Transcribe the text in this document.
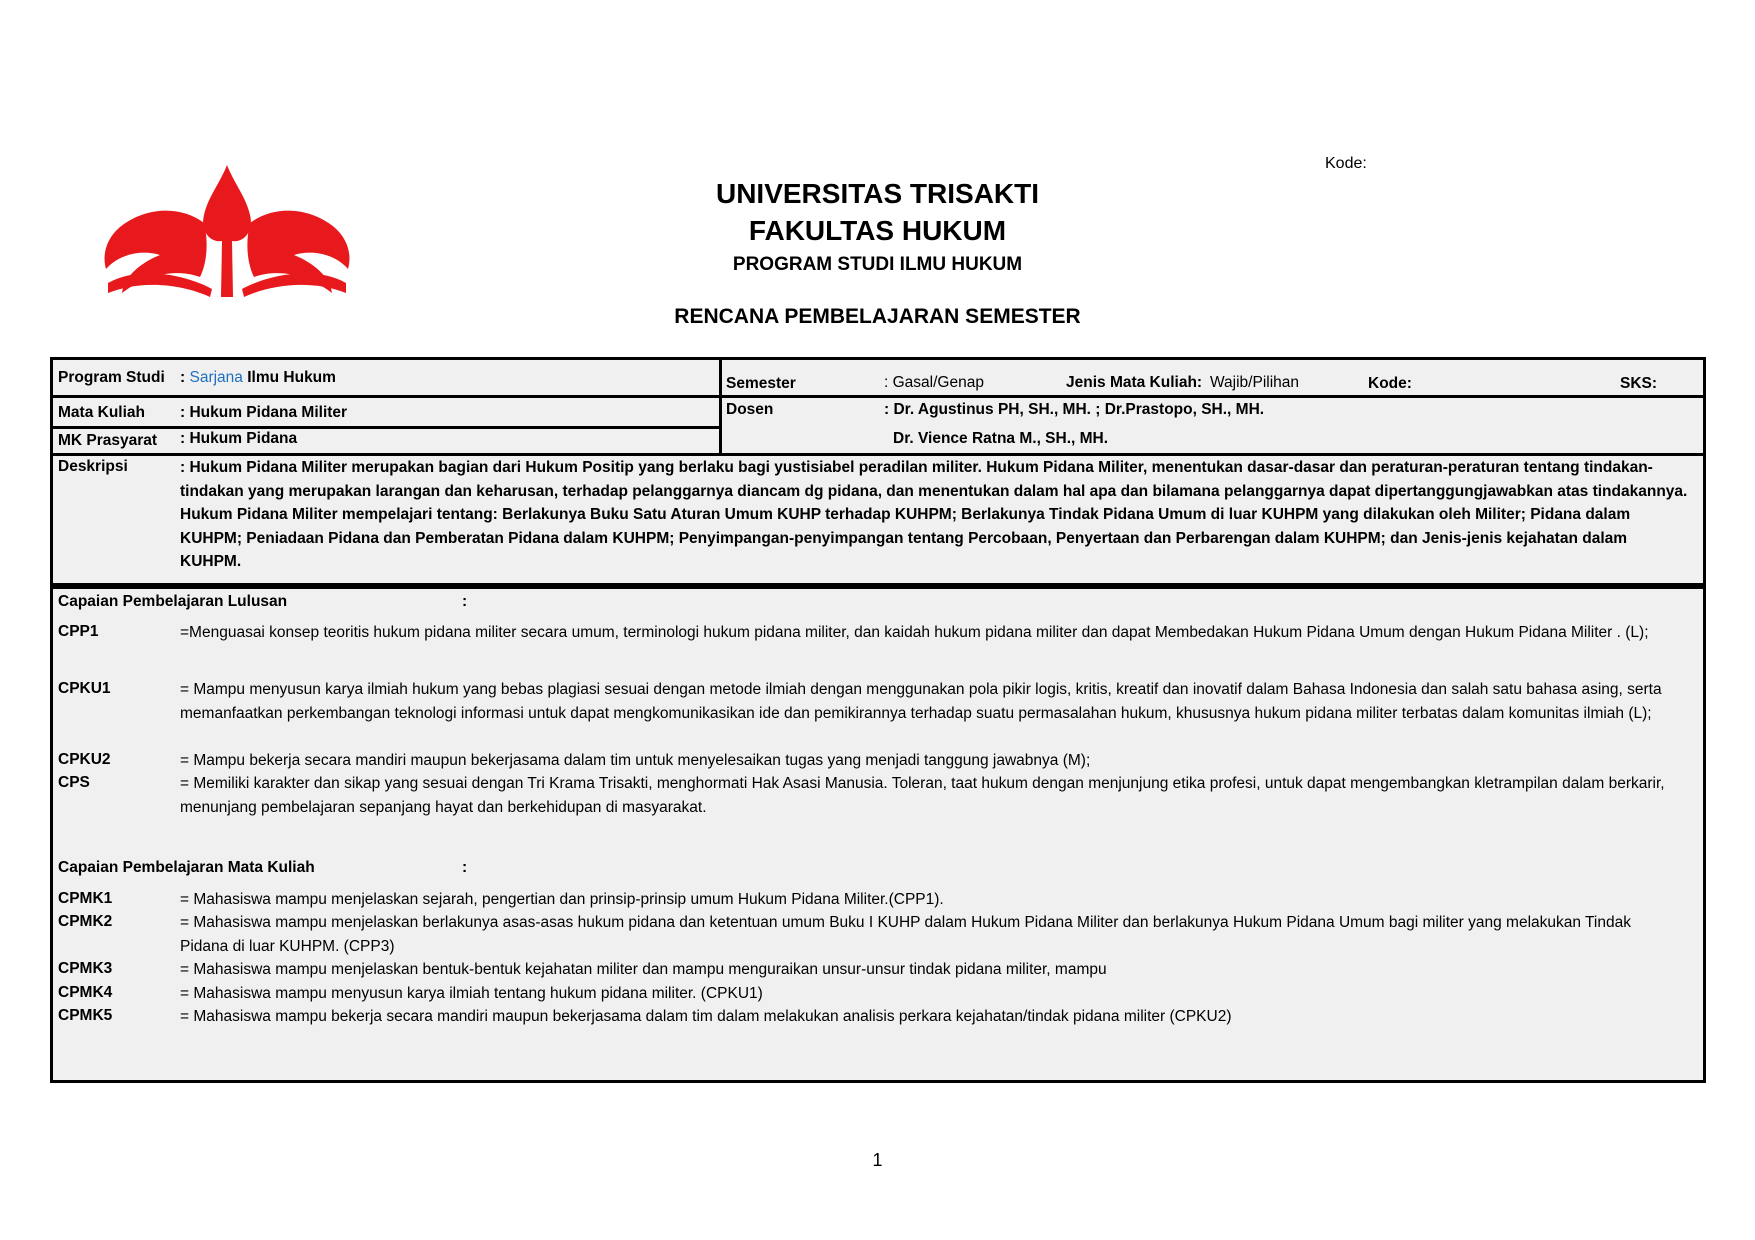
Kode:
UNIVERSITAS TRISAKTI
FAKULTAS HUKUM
PROGRAM STUDI ILMU HUKUM
RENCANA PEMBELAJARAN SEMESTER
Program Studi : Sarjana Ilmu Hukum	Semester	: Gasal/Genap	Jenis Mata Kuliah: Wajib/Pilihan	Kode:	SKS:
Mata Kuliah : Hukum Pidana Militer	Dosen	: Dr. Agustinus PH, SH., MH. ; Dr.Prastopo, SH., MH.
Dr. Vience Ratna M., SH., MH.
MK Prasyarat : Hukum Pidana
Deskripsi	: Hukum Pidana Militer merupakan bagian dari Hukum Positip yang berlaku bagi yustisiabel peradilan militer. Hukum Pidana Militer, menentukan dasar-dasar dan peraturan-peraturan tentang tindakan-tindakan yang merupakan larangan dan keharusan, terhadap pelanggarnya diancam dg pidana, dan menentukan dalam hal apa dan bilamana pelanggarnya dapat dipertanggungjawabkan atas tindakannya. Hukum Pidana Militer mempelajari tentang: Berlakunya Buku Satu Aturan Umum KUHP terhadap KUHPM; Berlakunya Tindak Pidana Umum di luar KUHPM yang dilakukan oleh Militer; Pidana dalam KUHPM; Peniadaan Pidana dan Pemberatan Pidana dalam KUHPM; Penyimpangan-penyimpangan tentang Percobaan, Penyertaan dan Perbarengan dalam KUHPM; dan Jenis-jenis kejahatan dalam KUHPM.
Capaian Pembelajaran Lulusan	:
CPP1	=Menguasai konsep teoritis hukum pidana militer secara umum, terminologi hukum pidana militer, dan kaidah hukum pidana militer dan dapat Membedakan Hukum Pidana Umum dengan Hukum Pidana Militer . (L);
CPKU1	= Mampu menyusun karya ilmiah hukum yang bebas plagiasi sesuai dengan metode ilmiah dengan menggunakan pola pikir logis, kritis, kreatif dan inovatif dalam Bahasa Indonesia dan salah satu bahasa asing, serta memanfaatkan perkembangan teknologi informasi untuk dapat mengkomunikasikan ide dan pemikirannya terhadap suatu permasalahan hukum, khususnya hukum pidana militer terbatas dalam komunitas ilmiah (L);
CPKU2	= Mampu bekerja secara mandiri maupun bekerjasama dalam tim untuk menyelesaikan tugas yang menjadi tanggung jawabnya (M);
CPS	= Memiliki karakter dan sikap yang sesuai dengan Tri Krama Trisakti, menghormati Hak Asasi Manusia. Toleran, taat hukum dengan menjunjung etika profesi, untuk dapat mengembangkan kletrampilan dalam berkarir, menunjang pembelajaran sepanjang hayat dan berkehidupan di masyarakat.
Capaian Pembelajaran Mata Kuliah	:
CPMK1	= Mahasiswa mampu menjelaskan sejarah, pengertian dan prinsip-prinsip umum Hukum Pidana Militer.(CPP1).
CPMK2	= Mahasiswa mampu menjelaskan berlakunya asas-asas hukum pidana dan ketentuan umum Buku I KUHP dalam Hukum Pidana Militer dan berlakunya Hukum Pidana Umum bagi militer yang melakukan Tindak Pidana di luar KUHPM. (CPP3)
CPMK3	= Mahasiswa mampu menjelaskan bentuk-bentuk kejahatan militer dan mampu menguraikan unsur-unsur tindak pidana militer, mampu
CPMK4	= Mahasiswa mampu menyusun karya ilmiah tentang hukum pidana militer. (CPKU1)
CPMK5	= Mahasiswa mampu bekerja secara mandiri maupun bekerjasama dalam tim dalam melakukan analisis perkara kejahatan/tindak pidana militer (CPKU2)
1
